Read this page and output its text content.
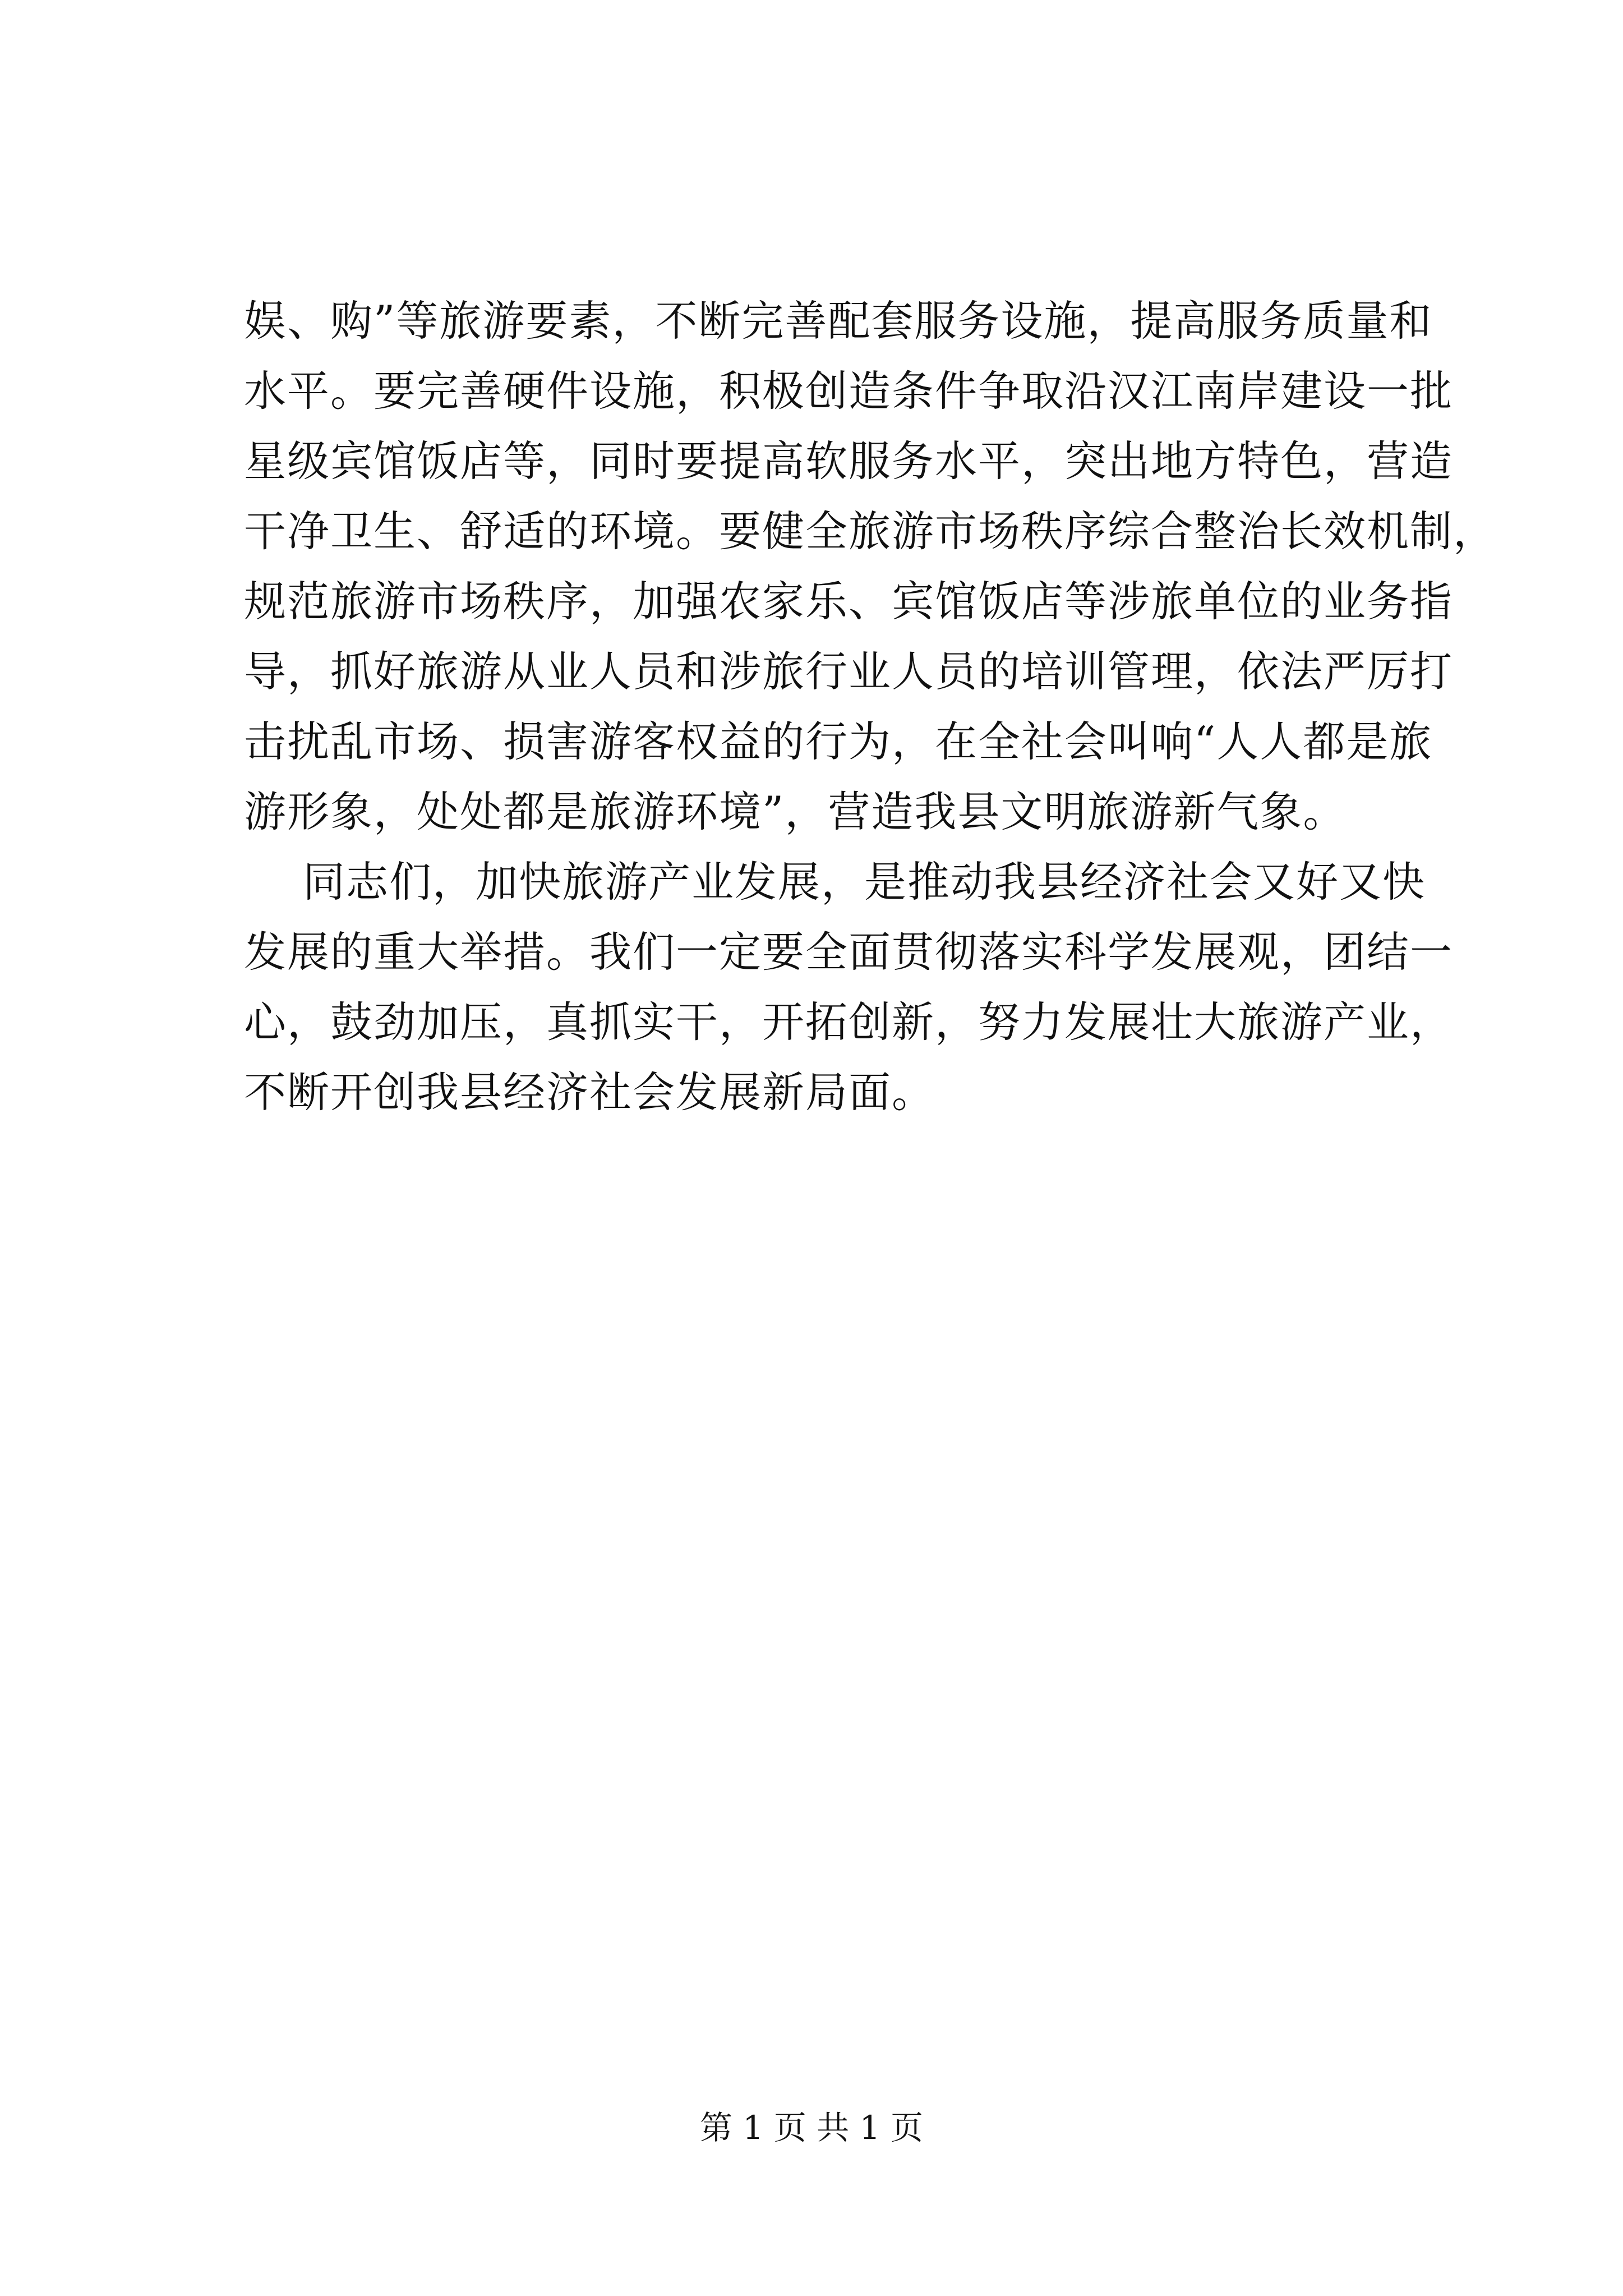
娱、购”等旅游要素，不断完善配套服务设施，提高服务质量和
水平。要完善硬件设施，积极创造条件争取沿汉江南岸建设一批
星级宾馆饭店等，同时要提高软服务水平，突出地方特色，营造
干净卫生、舒适的环境。要健全旅游市场秩序综合整治长效机制，
规范旅游市场秩序，加强农家乐、宾馆饭店等涉旅单位的业务指
导，抓好旅游从业人员和涉旅行业人员的培训管理，依法严厉打
击扰乱市场、损害游客权益的行为，在全社会叫响“人人都是旅
游形象，处处都是旅游环境”，营造我县文明旅游新气象。
同志们，加快旅游产业发展，是推动我县经济社会又好又快
发展的重大举措。我们一定要全面贯彻落实科学发展观，团结一
心，鼓劲加压，真抓实干，开拓创新，努力发展壮大旅游产业，
不断开创我县经济社会发展新局面。
第 1 页 共 1 页
